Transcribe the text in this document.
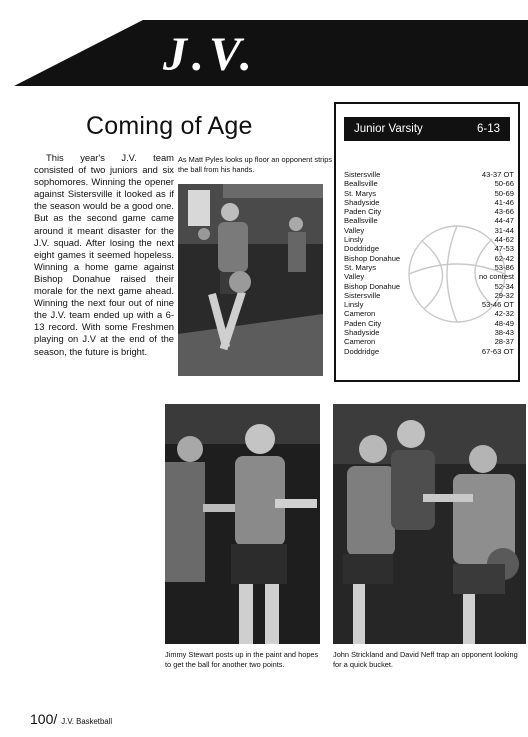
J.V.
Coming of Age

This year's J.V. team consisted of two juniors and six sophomores. Winning the opener against Sistersville it looked as if the season would be a good one. But as the second game came around it meant disaster for the J.V. squad. After losing the next eight games it seemed hopeless. Winning a home game against Bishop Donahue raised their morale for the next game ahead. Winning the next four out of nine the J.V. team ended up with a 6-13 record. With some Freshmen playing on J.V at the end of the season, the future is bright.

As Matt Pyles looks up floor an opponent strips the ball from his hands.

Junior Varsity	6-13
Sistersville	43-37 OT
Beallsville	50-66
St. Marys	50-69
Shadyside	41-46
Paden City	43-66
Beallsville	44-47
Valley	31-44
Linsly	44-62
Doddridge	47-53
Bishop Donahue	62-42
St. Marys	53-86
Valley	no contest
Bishop Donahue	52-34
Sistersville	29-32
Linsly	53-46 OT
Cameron	42-32
Paden City	48-49
Shadyside	38-43
Cameron	28-37
Doddridge	67-63 OT

Jimmy Stewart posts up in the paint and hopes to get the ball for another two points.

John Strickland and David Neff trap an opponent looking for a quick bucket.

100 / J.V. Basketball
